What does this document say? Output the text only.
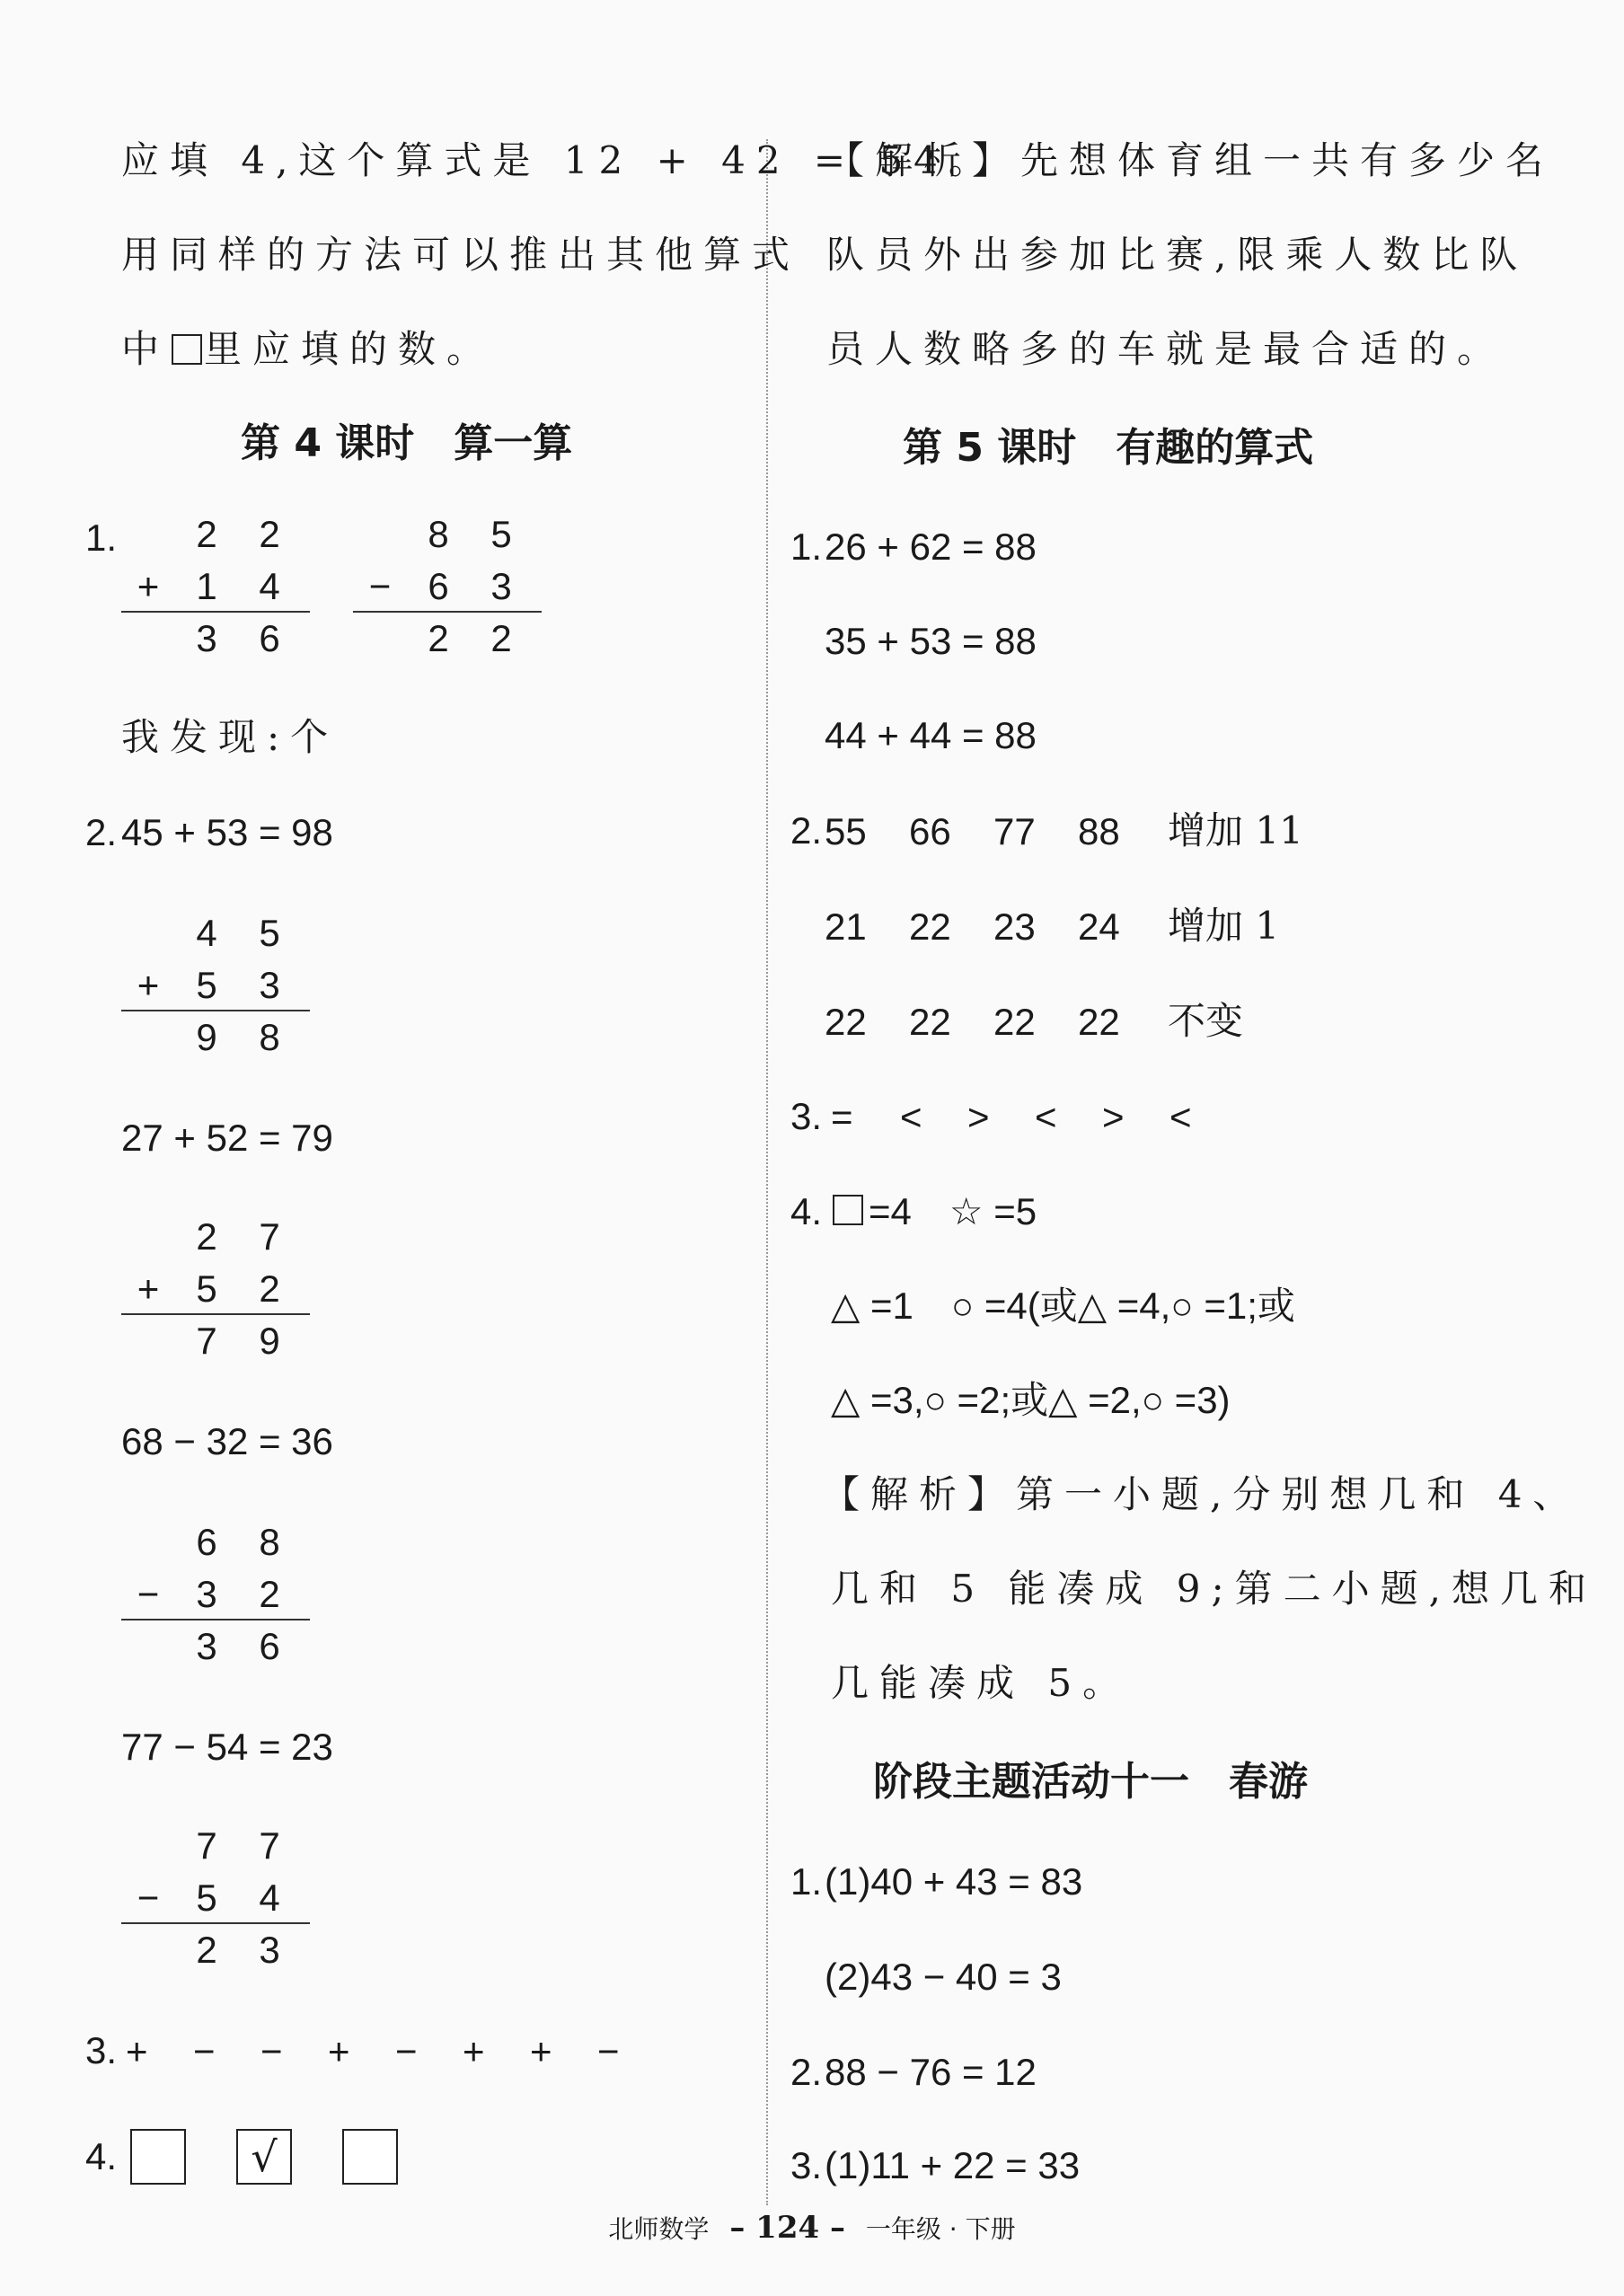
应填 4,这个算式是 12 + 42 = 54。
用同样的方法可以推出其他算式
中 里应填的数。
第 4 课时　算一算
1.	2	2
+ 1	4
3	6
8	5
− 6	3
2	2
我发现:个
2. 45 + 53 = 98
4	5
+ 5	3
9	8
27 + 52 = 79
2	7
+ 5	2
7	9
68 − 32 = 36
6	8
− 3	2
3	6
77 − 54 = 23
7	7
− 5	4
2	3
3. + − − + − + + −
4.	√
【解析】先想体育组一共有多少名
队员外出参加比赛,限乘人数比队
员人数略多的车就是最合适的。
第 5 课时　有趣的算式
1. 26 + 62 = 88
35 + 53 = 88
44 + 44 = 88
2. 55 66 77 88 增加 11
21 22 23 24 增加 1
22 22 22 22 不变
3. = < > < > <
4. =4　☆ =5
△ =1　○ =4(或△ =4,○ =1;或
△ =3,○ =2;或△ =2,○ =3)
【解析】第一小题,分别想几和 4、
几和 5 能凑成 9;第二小题,想几和
几能凑成 5。
阶段主题活动十一　春游
1. (1)40 + 43 = 83
(2)43 − 40 = 3
2. 88 − 76 = 12
3. (1)11 + 22 = 33
北师数学 – 124 – 一年级 · 下册
